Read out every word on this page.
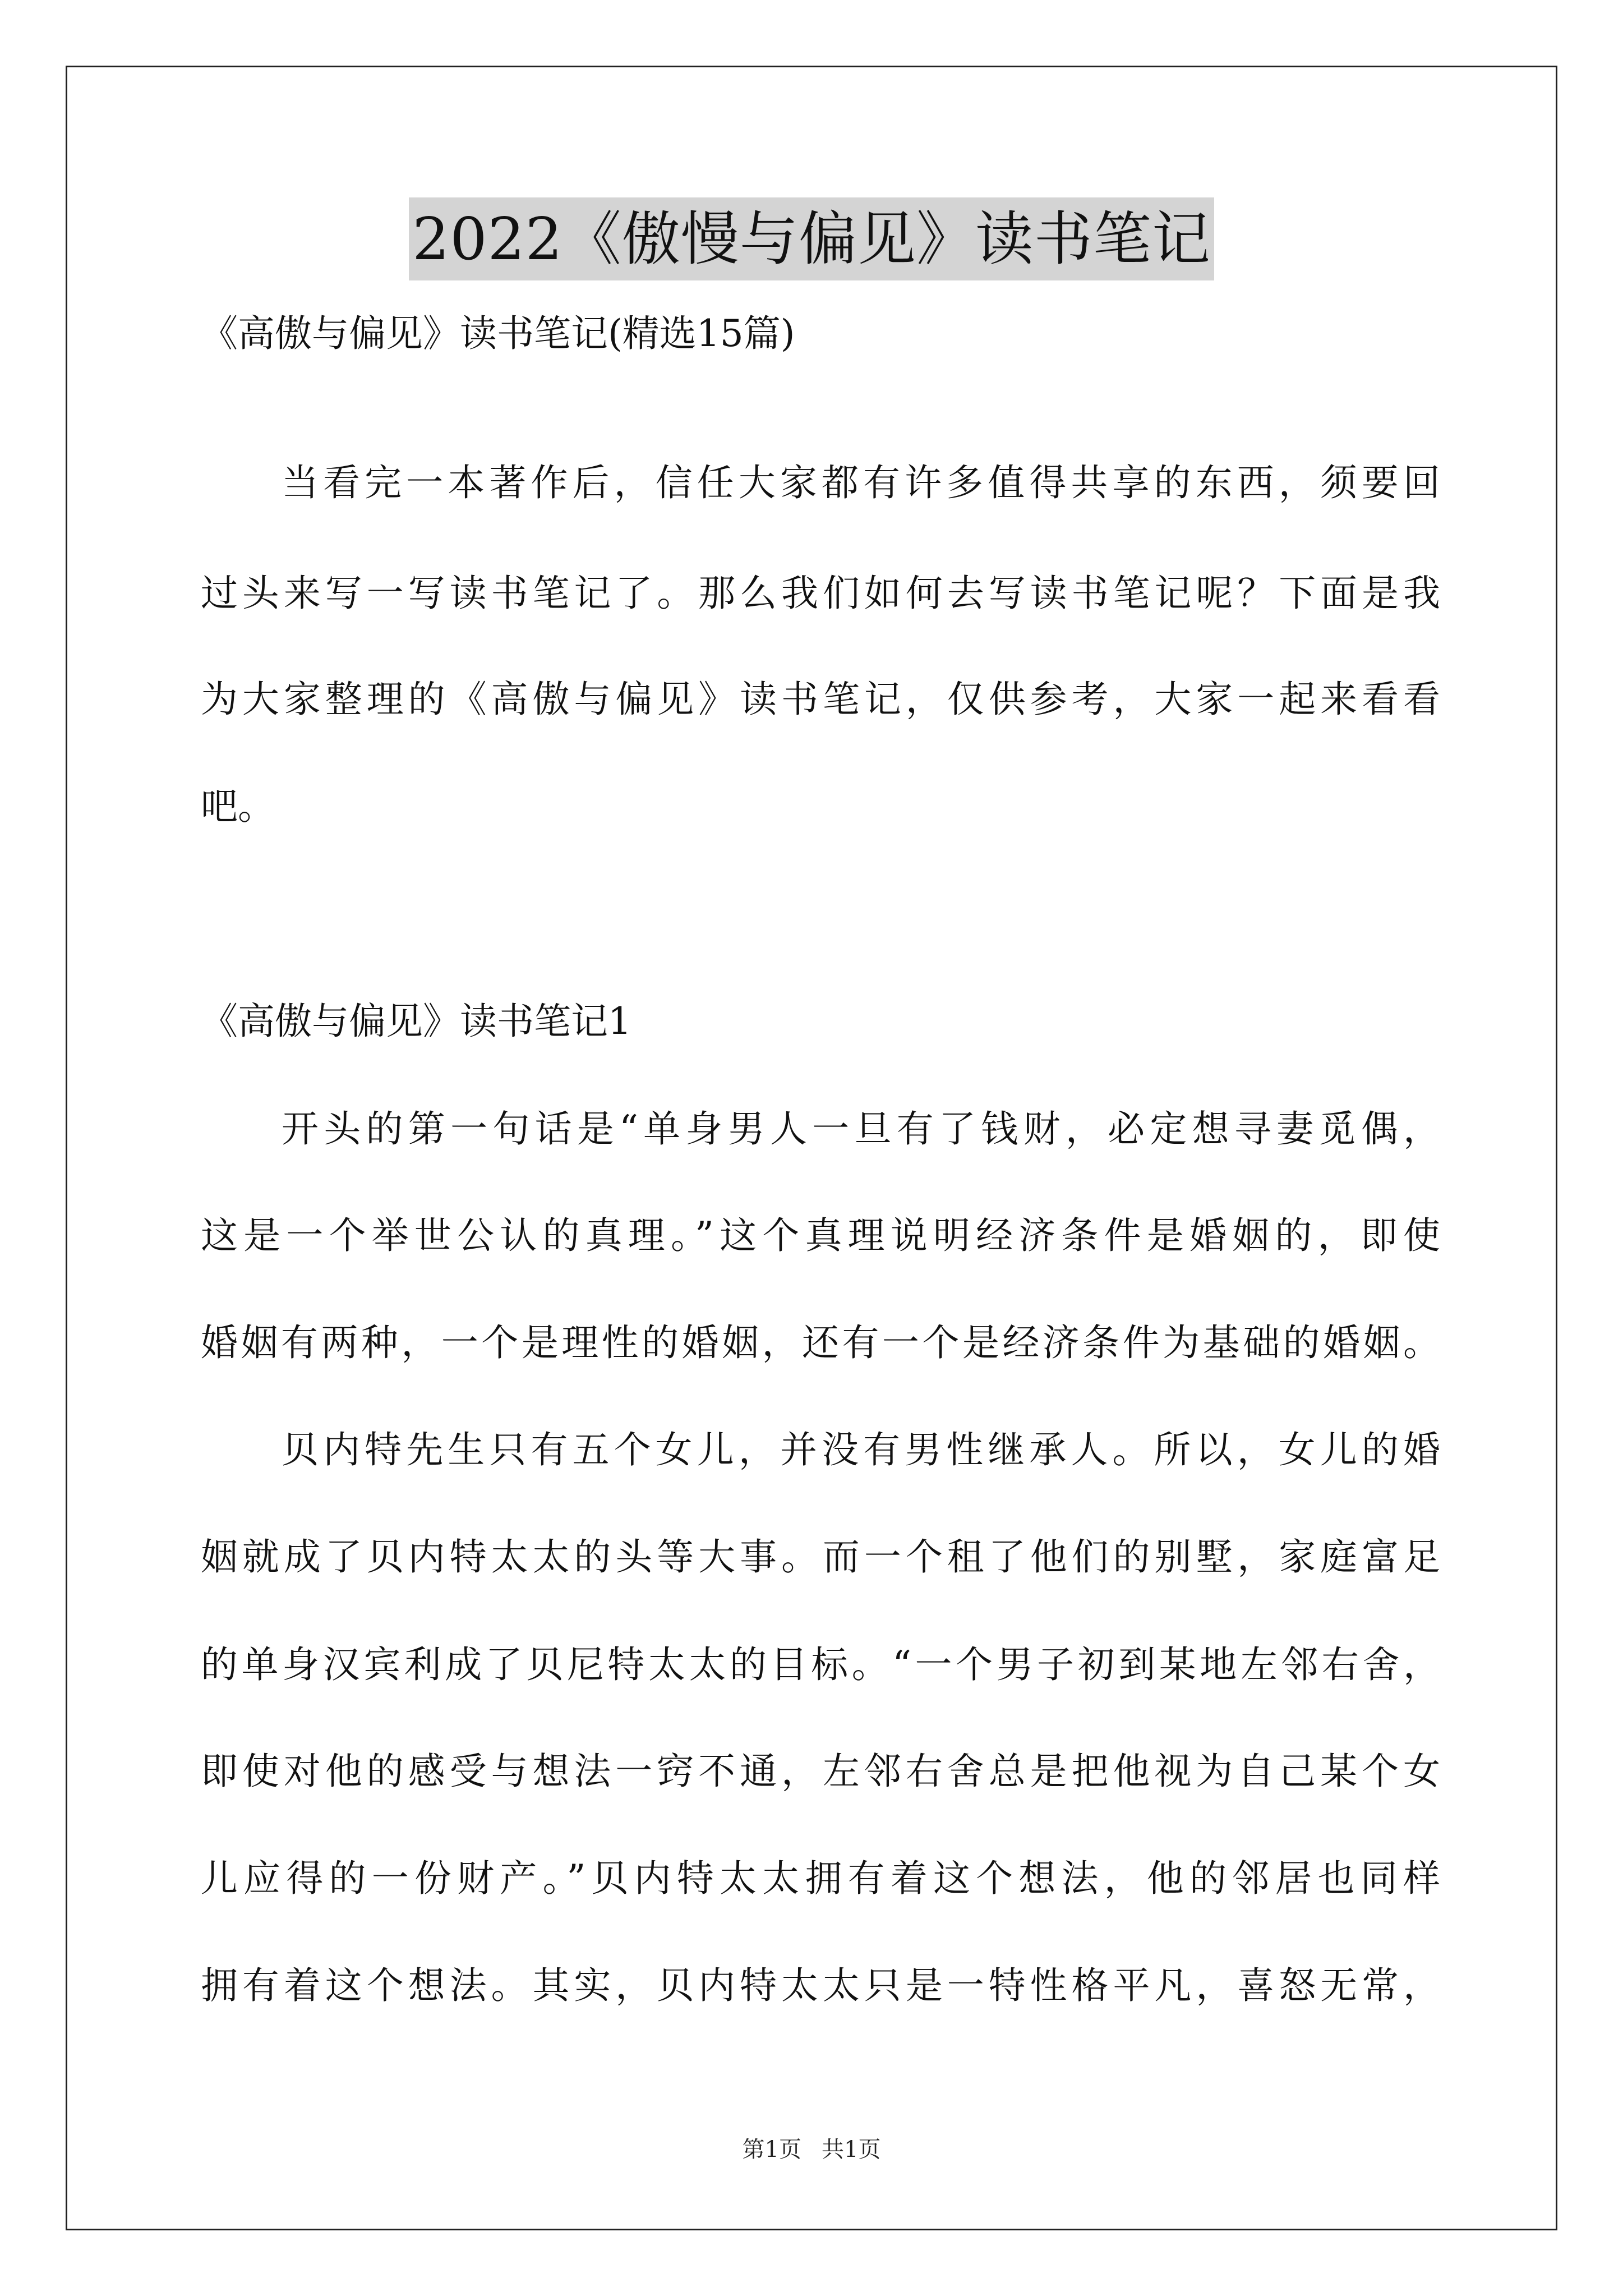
2022《傲慢与偏见》读书笔记
《高傲与偏见》读书笔记(精选15篇)
当看完一本著作后，信任大家都有许多值得共享的东西，须要回
过头来写一写读书笔记了。那么我们如何去写读书笔记呢？下面是我
为大家整理的《高傲与偏见》读书笔记，仅供参考，大家一起来看看
吧。
《高傲与偏见》读书笔记1
开头的第一句话是“单身男人一旦有了钱财，必定想寻妻觅偶，
这是一个举世公认的真理。”这个真理说明经济条件是婚姻的，即使
婚姻有两种，一个是理性的婚姻，还有一个是经济条件为基础的婚姻。
贝内特先生只有五个女儿，并没有男性继承人。所以，女儿的婚
姻就成了贝内特太太的头等大事。而一个租了他们的别墅，家庭富足
的单身汉宾利成了贝尼特太太的目标。“一个男子初到某地左邻右舍，
即使对他的感受与想法一窍不通，左邻右舍总是把他视为自己某个女
儿应得的一份财产。”贝内特太太拥有着这个想法，他的邻居也同样
拥有着这个想法。其实，贝内特太太只是一特性格平凡，喜怒无常，
第1页 共1页
